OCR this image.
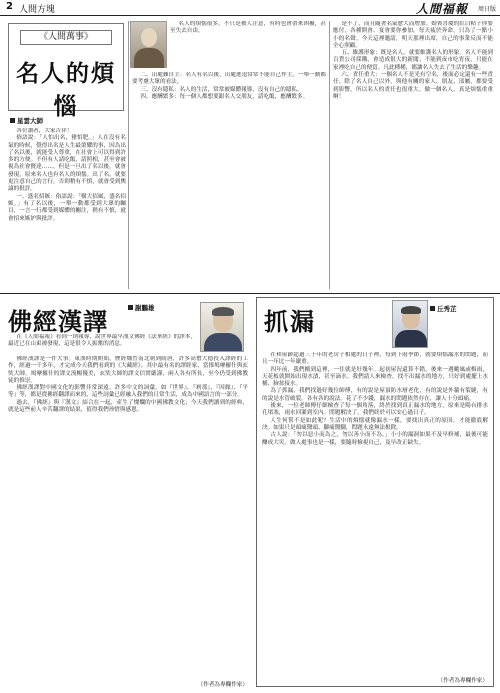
2 人間方塊	人間福報 周日版
《人間萬事》
名人的煩惱
星雲大師

各位讀者，大家吉祥！

俗語說：「人怕出名，豬怕肥。」人在沒有名氣的時候，覺得出名是人生最榮耀的事，因為出了名以後，就能受人尊重，在社會上可以得到許多的方便。不但有人請吃飯，請照相，甚至會被視為社會賢達……，但是一旦出了名以後，就會發現，原來名人也有名人的煩惱。出了名，就要更注意自己的言行，否則稍有不慎，就會受到輿論的批評。

一、盛名招嫉：俗語說：「樹大招風，盛名招嫉。」有了名以後，一舉一動都受到大眾的矚目，一言一行都受到媒體的關注，稍有不慎，就會招來嫉妒與批評。

名人的煩惱很多，不只是被人注意，有時也會帶來困擾，甚至失去自由。

二、出處難自主：名人有名以後，出處進退常常不能自己作主，一舉一動都要考慮大眾的看法。

三、沒有隱私：名人的生活，常常被媒體報導，沒有自己的隱私。

四、應酬繁多：每一個人都想要跟名人交朋友，請吃飯，應酬繁多。

是不了，而且隨著名氣愈大而增加。婚喪喜慶的紅白帖子你要應付，各種開會、宴會要你參加，每天疲於奔命，只為了一點小小的名聲。今天這裡邀請，明天那裡出席，自己的事業反而不能全心照顧。

五、維護形象：既是名人，就要維護名人的形象。名人不能到百貨公司採購，會造成很大的新聞；不能到夜市吃宵夜，只能在家裡吃自己的便當。凡此種種，都讓名人失去了生活的樂趣。

六、責任重大：一個名人不是光有空名，後面必定還有一些責任。除了名人自己以外，與他有關的家人、朋友、部屬，都要受到影響，所以名人的責任也很重大。做一個名人，真是煩惱重重啊！

佛經漢譯	謝鵬雄

在《人間福報》看到一則報導，說世界最早漢文佛經《法華經》的譯本，最近已在山東被發現，這是很令人振奮的消息。

佛經漢譯是一件大事。東漢時期開始，歷經魏晉南北朝到隋唐，許多高僧大德投入譯經的工作，經過一千多年，才完成今天我們看到的《大藏經》。其中最有名的譯經家，當推鳩摩羅什與玄奘大師。鳩摩羅什的譯文流暢優美，玄奘大師的譯文信實嚴謹，兩人各有所長，至今仍受到佛教徒的推崇。

佛經漢譯對中國文化的影響非常深遠。許多中文的詞彙，如『世界』、『剎那』、『因緣』、『平等』等，都是從佛經翻譯而來的，這些詞彙已經融入我們的日常生活，成為中國語言的一部分。

過去，『佛經』與『漢文』結合在一起，產生了燦爛的中國佛教文化；今天我們讀到的經典，就是這些前人辛苦翻譯的結果，值得我們珍惜與感恩。

（作者為專欄作家）
抓漏	丘秀芷

在和屋齡超過三十年的老房子相處的日子裡，每到下雨季節，就要煩惱漏水的問題，而且一年比一年嚴重。

四年前，我們搬到這裡，一住就是好幾年。起初屋況還算不錯，後來一遇颱風或梅雨，天花板就開始出現水漬，甚至滴水。我們請人來檢查，找不出漏水的地方，只好到處擺上水桶、臉盆接水。

為了抓漏，我們找過好幾位師傅，有的說是屋頂防水層老化，有的說是外牆有裂縫，有的說是水管破裂，各有各的說法。花了不少錢，漏水的問題依然存在，讓人十分頭痛。

後來，一位老師傅仔細檢查了每一個角落，終於找到真正漏水的地方，原來是陽台排水孔堵塞，雨水回灌到室內。問題解決了，我們終於可以安心過日子。

人生何嘗不是如此呢？生活中的煩惱就像漏水一樣，要找出真正的原因，才能徹底解決。如果只是頭痛醫頭、腳痛醫腳，問題永遠無法根除。

古人說：「勿以惡小而為之，勿以善小而不為。」小小的漏洞如果不及早修補，最後可能釀成大災。做人處事也是一樣，要隨時檢視自己，及早改正缺失。

（作者為專欄作家）
